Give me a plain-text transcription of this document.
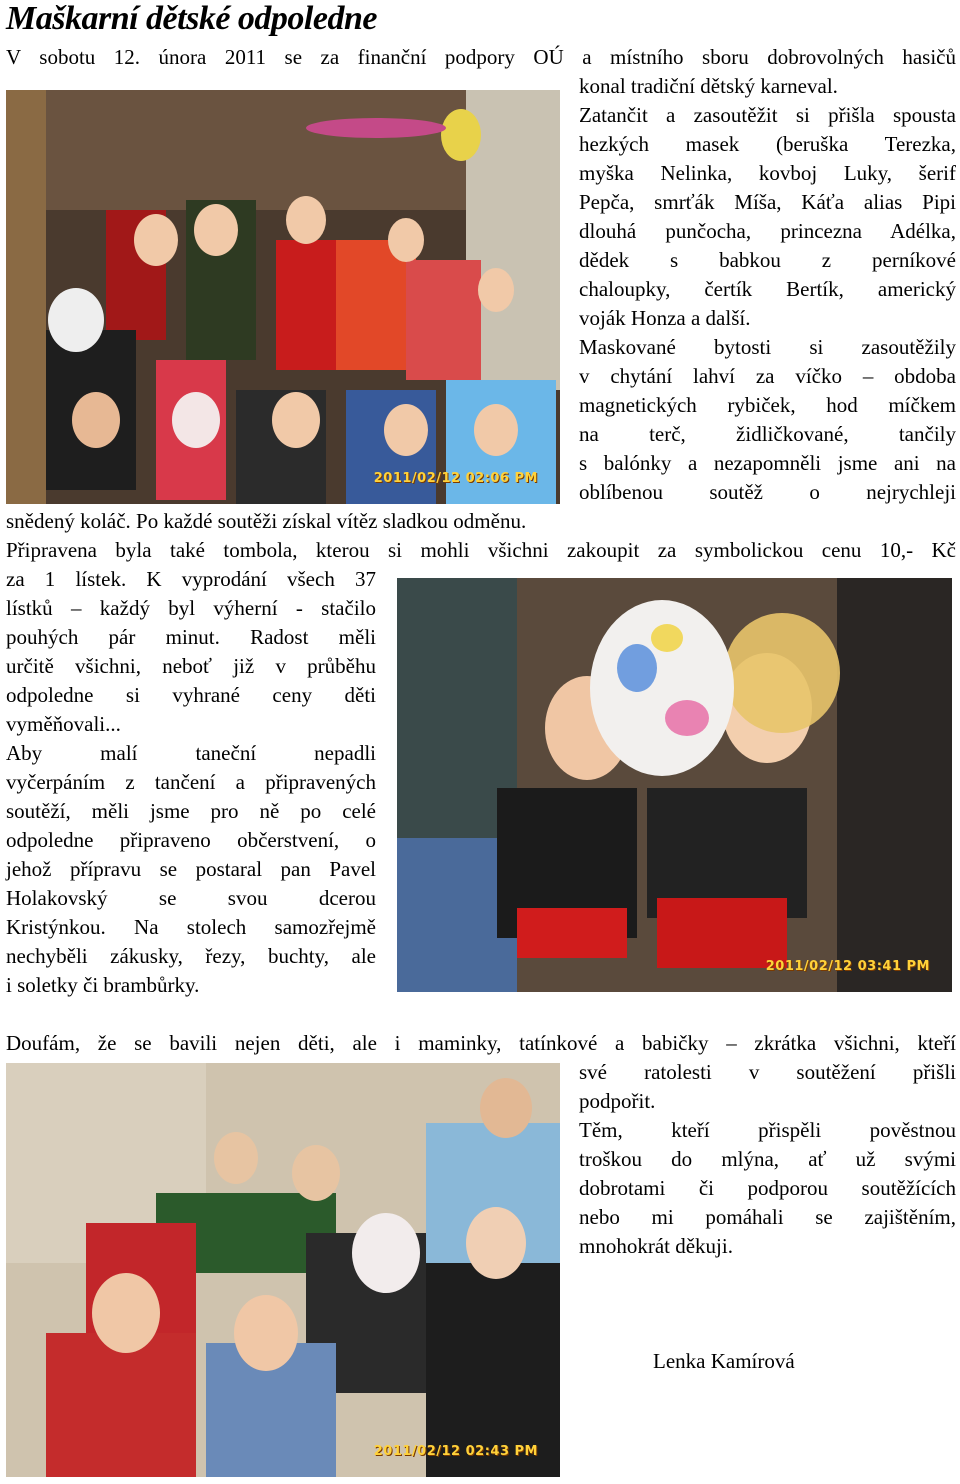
Maškarní dětské odpoledne
V sobotu 12. února 2011 se za finanční podpory OÚ a místního sboru dobrovolných hasičů
konal tradiční dětský karneval.
Zatančit a zasoutěžit si přišla spousta
hezkých masek (beruška Terezka,
myška Nelinka, kovboj Luky, šerif
Pepča, smrťák Míša, Káťa alias Pipi
dlouhá punčocha, princezna Adélka,
dědek s babkou z perníkové
chaloupky, čertík Bertík, americký
voják Honza a další.
Maskované bytosti si zasoutěžily
v chytání lahví za víčko – obdoba
magnetických rybiček, hod míčkem
na terč, židličkované, tančily
s balónky a nezapomněli jsme ani na
oblíbenou soutěž o nejrychleji
2011/02/12 02:06 PM
snědený koláč. Po každé soutěži získal vítěz sladkou odměnu.
Připravena byla také tombola, kterou si mohli všichni zakoupit za symbolickou cenu 10,- Kč
za 1 lístek. K vyprodání všech 37
lístků – každý byl výherní - stačilo
pouhých pár minut. Radost měli
určitě všichni, neboť již v průběhu
odpoledne si vyhrané ceny děti
vyměňovali...
2011/02/12 03:41 PM
Aby malí taneční nepadli
vyčerpáním z tančení a připravených
soutěží, měli jsme pro ně po celé
odpoledne připraveno občerstvení, o
jehož přípravu se postaral pan Pavel
Holakovský se svou dcerou
Kristýnkou. Na stolech samozřejmě
nechyběli zákusky, řezy, buchty, ale
i soletky či brambůrky.
Doufám, že se bavili nejen děti, ale i maminky, tatínkové a babičky – zkrátka všichni, kteří
2011/02/12 02:43 PM
své ratolesti v soutěžení přišli
podpořit.
Těm, kteří přispěli pověstnou
troškou do mlýna, ať už svými
dobrotami či podporou soutěžících
nebo mi pomáhali se zajištěním,
mnohokrát děkuji.
Lenka Kamírová
